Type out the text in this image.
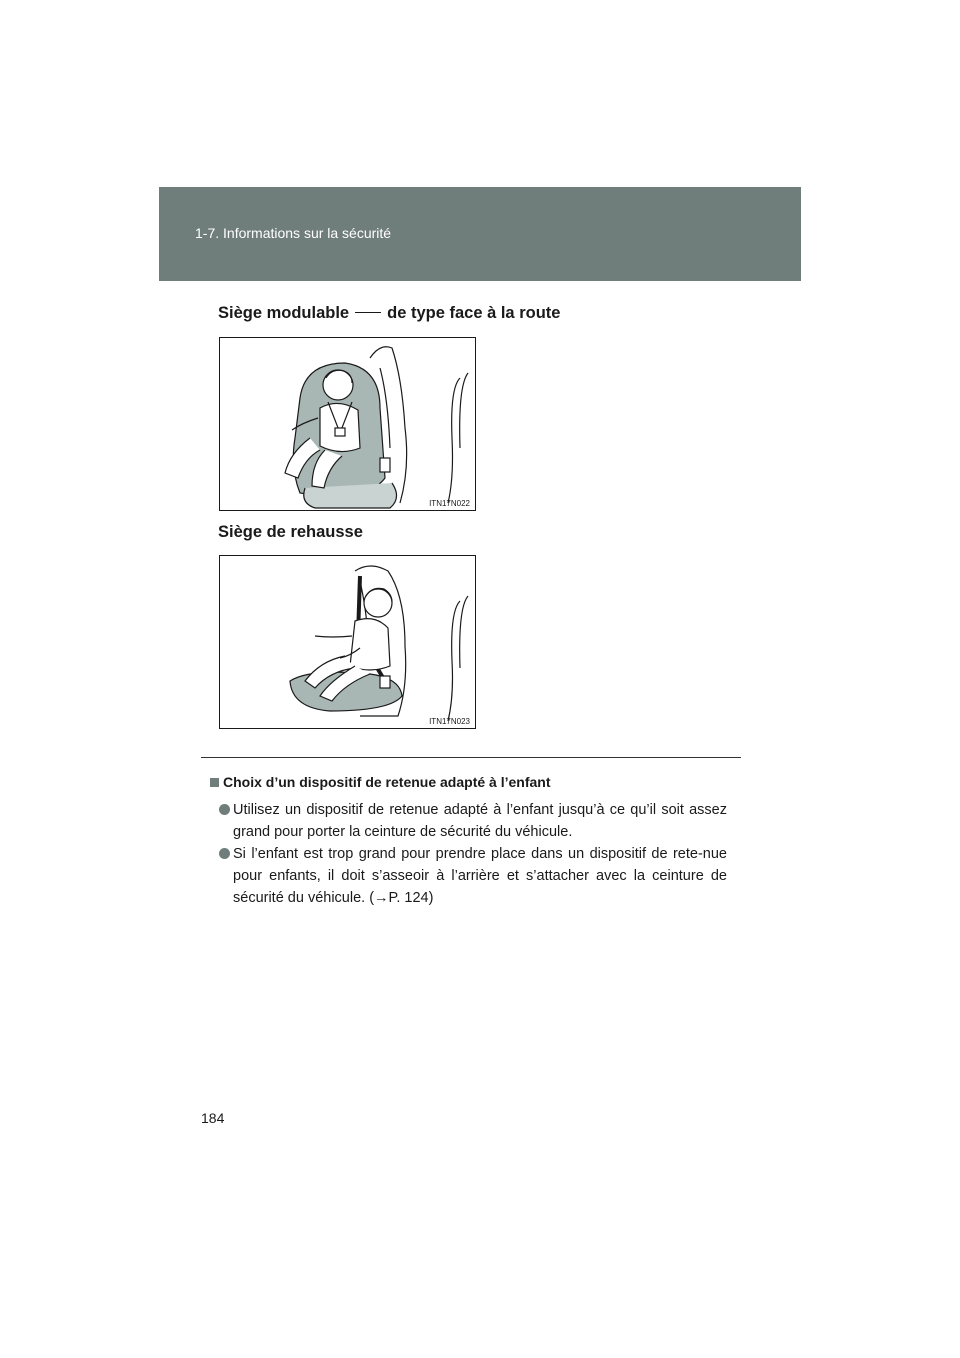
1-7. Informations sur la sécurité
Siège modulable de type face à la route
ITN17N022
Siège de rehausse
ITN17N023
Choix d’un dispositif de retenue adapté à l’enfant
Utilisez un dispositif de retenue adapté à l’enfant jusqu’à ce qu’il soit assez grand pour porter la ceinture de sécurité du véhicule.
Si l’enfant est trop grand pour prendre place dans un dispositif de rete-nue pour enfants, il doit s’asseoir à l’arrière et s’attacher avec la ceinture de sécurité du véhicule. (→P. 124)
184
